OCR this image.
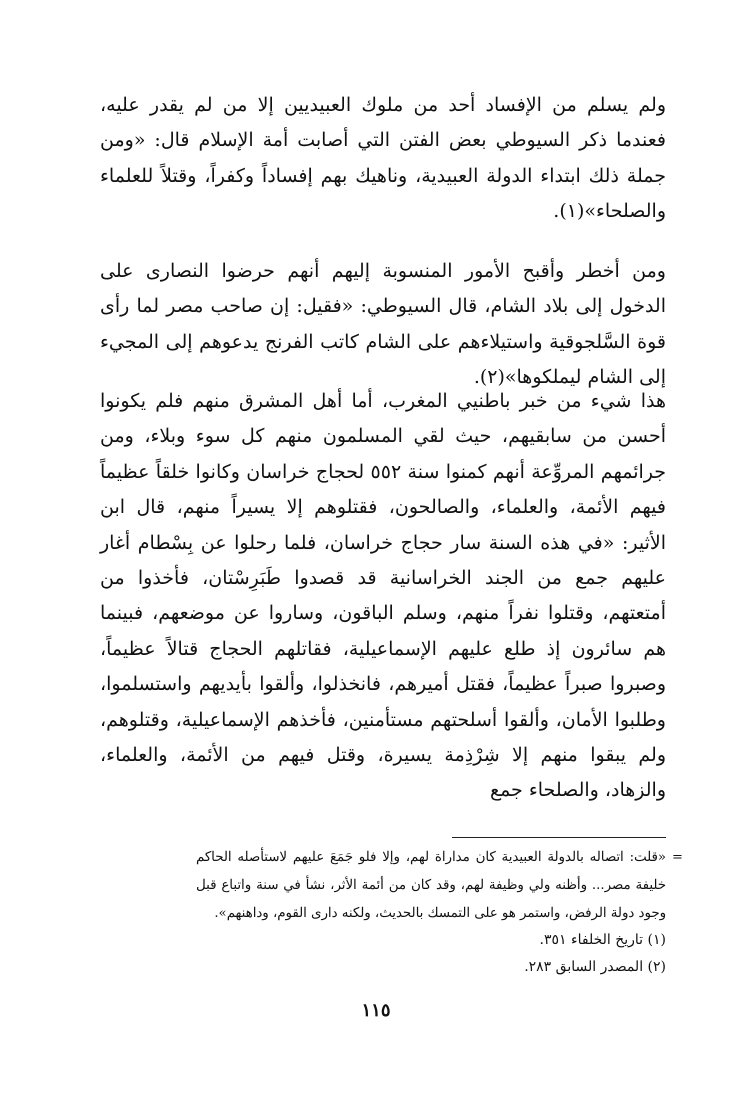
ولم يسلم من الإفساد أحد من ملوك العبيديين إلا من لم يقدر عليه، فعندما ذكر السيوطي بعض الفتن التي أصابت أمة الإسلام قال: «ومن جملة ذلك ابتداء الدولة العبيدية، وناهيك بهم إفساداً وكفراً، وقتلاً للعلماء والصلحاء»(١).

ومن أخطر وأقبح الأمور المنسوبة إليهم أنهم حرضوا النصارى على الدخول إلى بلاد الشام، قال السيوطي: «فقيل: إن صاحب مصر لما رأى قوة السَّلجوقية واستيلاءهم على الشام كاتب الفرنج يدعوهم إلى المجيء إلى الشام ليملكوها»(٢).

هذا شيء من خبر باطنيي المغرب، أما أهل المشرق منهم فلم يكونوا أحسن من سابقيهم، حيث لقي المسلمون منهم كل سوء وبلاء، ومن جرائمهم المروِّعة أنهم كمنوا سنة ٥٥٢ لحجاج خراسان وكانوا خلقاً عظيماً فيهم الأئمة، والعلماء، والصالحون، فقتلوهم إلا يسيراً منهم، قال ابن الأثير: «في هذه السنة سار حجاج خراسان، فلما رحلوا عن بِسْطام أغار عليهم جمع من الجند الخراسانية قد قصدوا طَبَرِسْتان، فأخذوا من أمتعتهم، وقتلوا نفراً منهم، وسلم الباقون، وساروا عن موضعهم، فبينما هم سائرون إذ طلع عليهم الإسماعيلية، فقاتلهم الحجاج قتالاً عظيماً، وصبروا صبراً عظيماً، فقتل أميرهم، فانخذلوا، وألقوا بأيديهم واستسلموا، وطلبوا الأمان، وألقوا أسلحتهم مستأمنين، فأخذهم الإسماعيلية، وقتلوهم، ولم يبقوا منهم إلا شِرْذِمة يسيرة، وقتل فيهم من الأئمة، والعلماء، والزهاد، والصلحاء جمع

=

«قلت: اتصاله بالدولة العبيدية كان مداراة لهم، وإلا فلو جَمَعَ عليهم لاستأصله الحاكم خليفة مصر... وأظنه ولي وظيفة لهم، وقد كان من أئمة الأثر، نشأ في سنة واتباع قبل وجود دولة الرفض، واستمر هو على التمسك بالحديث، ولكنه دارى القوم، وداهنهم».

(١) تاريخ الخلفاء ٣٥١.

(٢) المصدر السابق ٢٨٣.

١١٥
